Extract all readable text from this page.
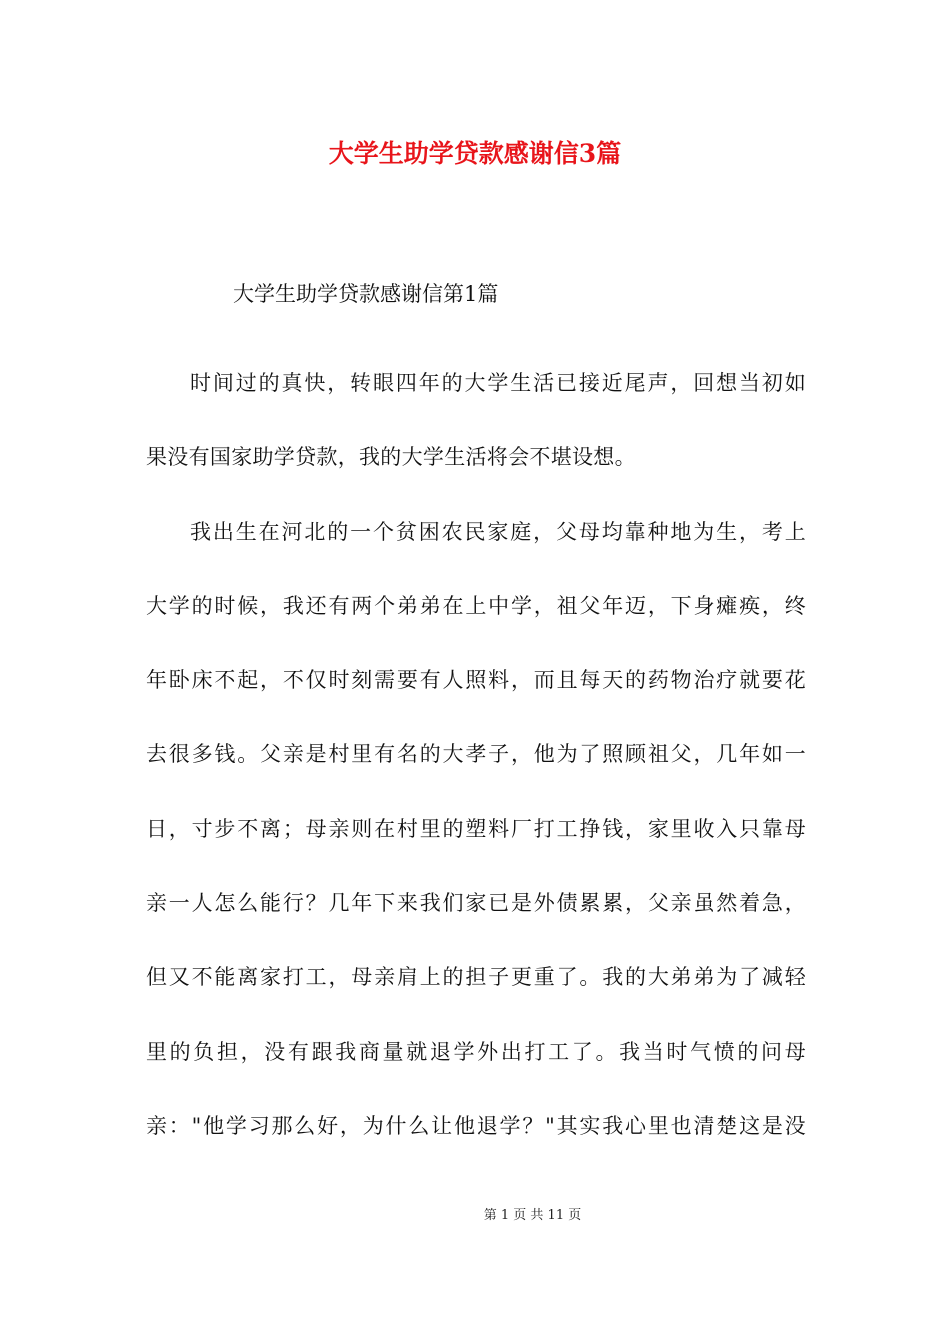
大学生助学贷款感谢信3篇
大学生助学贷款感谢信第1篇
时间过的真快，转眼四年的大学生活已接近尾声，回想当初如
果没有国家助学贷款，我的大学生活将会不堪设想。
我出生在河北的一个贫困农民家庭，父母均靠种地为生，考上
大学的时候，我还有两个弟弟在上中学，祖父年迈，下身瘫痪，终
年卧床不起，不仅时刻需要有人照料，而且每天的药物治疗就要花
去很多钱。父亲是村里有名的大孝子，他为了照顾祖父，几年如一
日，寸步不离；母亲则在村里的塑料厂打工挣钱，家里收入只靠母
亲一人怎么能行？几年下来我们家已是外债累累，父亲虽然着急，
但又不能离家打工，母亲肩上的担子更重了。我的大弟弟为了减轻
里的负担，没有跟我商量就退学外出打工了。我当时气愤的问母
亲："他学习那么好，为什么让他退学？"其实我心里也清楚这是没
第 1 页 共 11 页
